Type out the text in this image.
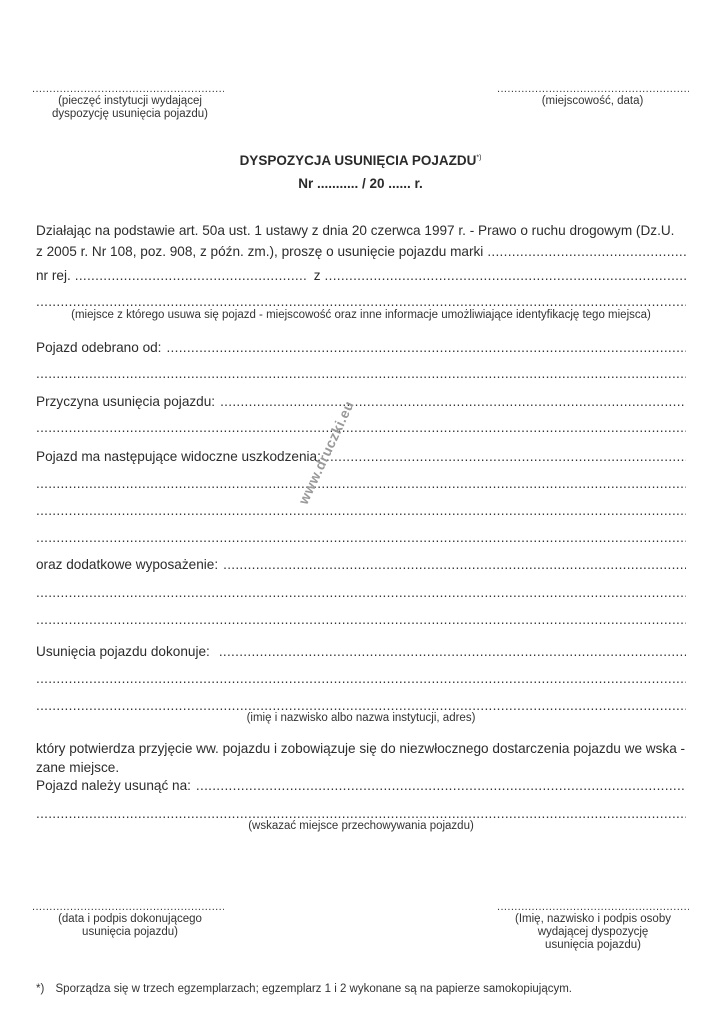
.....
(pieczęć instytucji wydającej
dyspozycję usunięcia pojazdu)
.....
(miejscowość, data)
DYSPOZYCJA USUNIĘCIA POJAZDU*)
Nr ........... / 20 ...... r.
Działając na podstawie art. 50a ust. 1 ustawy z dnia 20 czerwca 1997 r. - Prawo o ruchu drogowym (Dz.U.
z 2005 r. Nr 108, poz. 908, z późn. zm.), proszę o usunięcie pojazdu marki
.....
nr rej.
.....	z
.....
.....
(miejsce z którego usuwa się pojazd - miejscowość oraz inne informacje umożliwiające identyfikację tego miejsca)
Pojazd odebrano od:
.....
.....
Przyczyna usunięcia pojazdu:
.....
.....
Pojazd ma następujące widoczne uszkodzenia:
.....
.....
.....
.....
oraz dodatkowe wyposażenie:
.....
.....
.....
Usunięcia pojazdu dokonuje:
.....
.....
.....
(imię i nazwisko albo nazwa instytucji, adres)
który potwierdza przyjęcie ww. pojazdu i zobowiązuje się do niezwłocznego dostarczenia pojazdu we wska -
zane miejsce.
Pojazd należy usunąć na:
.....
.....
(wskazać miejsce przechowywania pojazdu)
.....
(data i podpis dokonującego
usunięcia pojazdu)
.....
(Imię, nazwisko i podpis osoby
wydającej dyspozycję
usunięcia pojazdu)
*) Sporządza się w trzech egzemplarzach; egzemplarz 1 i 2 wykonane są na papierze samokopiującym.
www.druczki.eu
